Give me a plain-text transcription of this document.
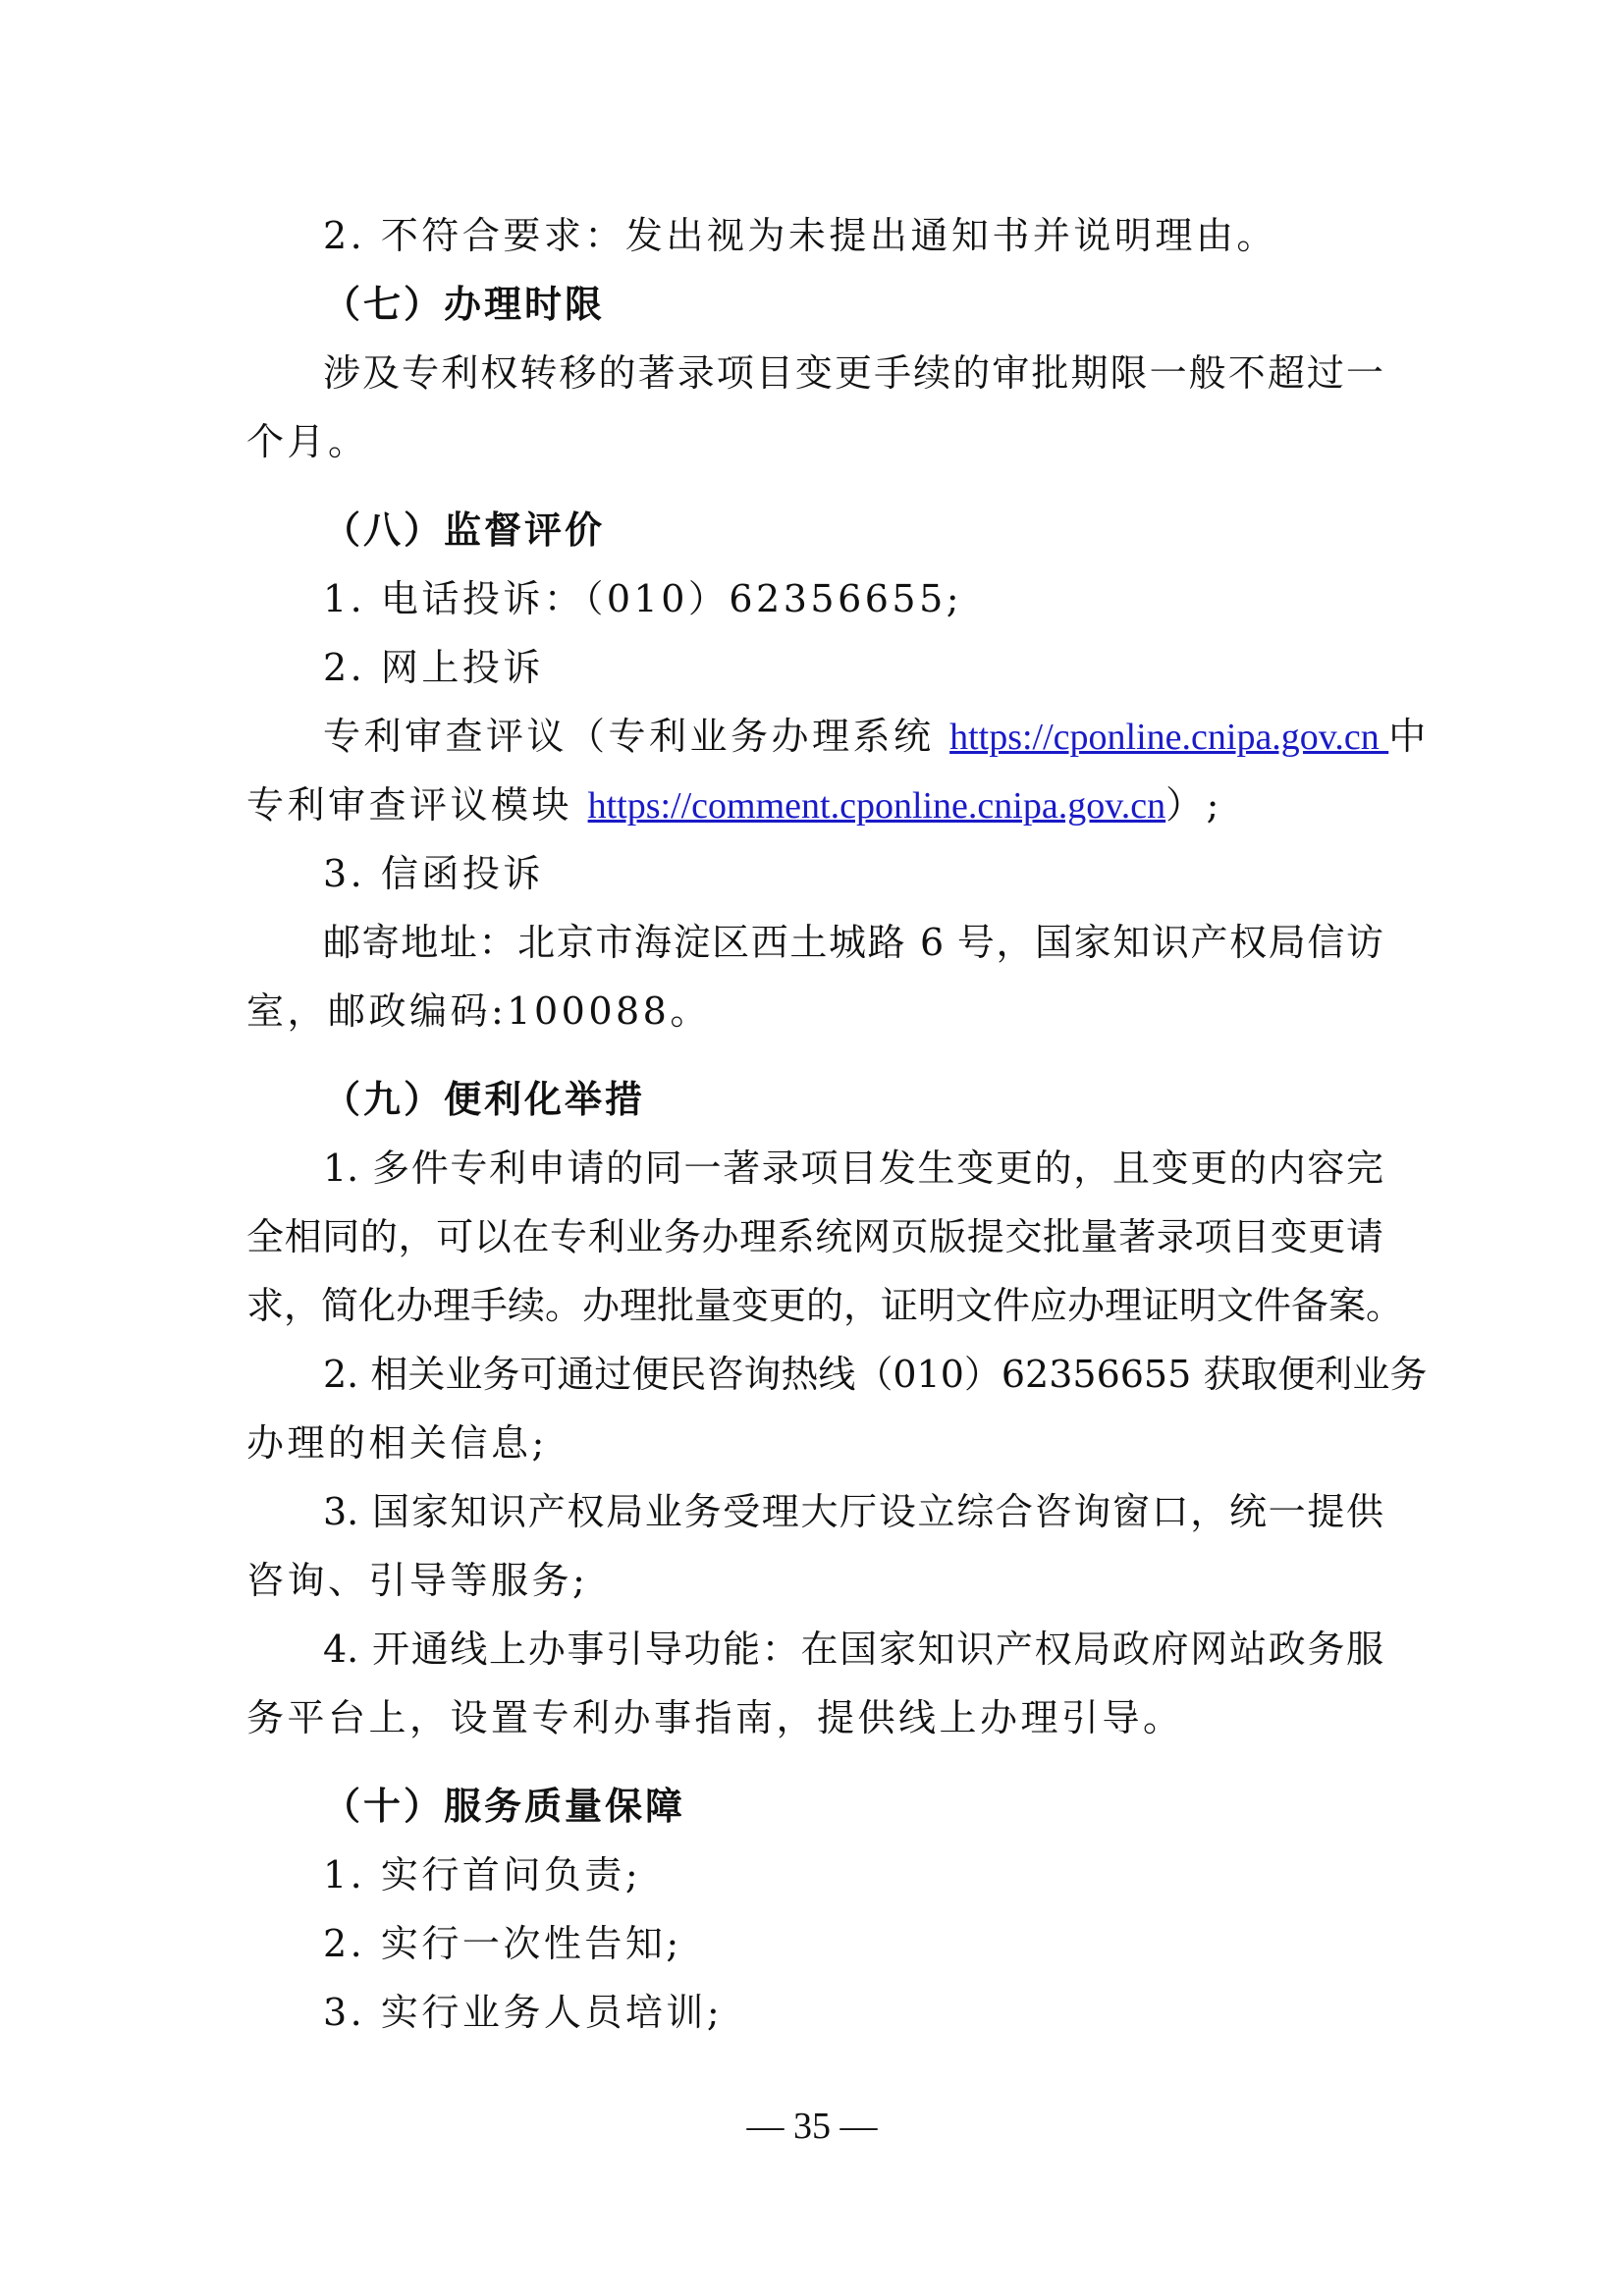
2. 不符合要求：发出视为未提出通知书并说明理由。
（七）办理时限
涉及专利权转移的著录项目变更手续的审批期限一般不超过一
个月。
（八）监督评价
1. 电话投诉：（010）62356655;
2. 网上投诉
专利审查评议（专利业务办理系统 https://cponline.cnipa.gov.cn 中
专利审查评议模块 https://comment.cponline.cnipa.gov.cn）;
3. 信函投诉
邮寄地址：北京市海淀区西土城路 6 号，国家知识产权局信访
室，邮政编码:100088。
（九）便利化举措
1. 多件专利申请的同一著录项目发生变更的，且变更的内容完
全相同的，可以在专利业务办理系统网页版提交批量著录项目变更请
求，简化办理手续。办理批量变更的，证明文件应办理证明文件备案。
2. 相关业务可通过便民咨询热线（010）62356655 获取便利业务
办理的相关信息;
3. 国家知识产权局业务受理大厅设立综合咨询窗口，统一提供
咨询、引导等服务;
4. 开通线上办事引导功能：在国家知识产权局政府网站政务服
务平台上，设置专利办事指南，提供线上办理引导。
（十）服务质量保障
1. 实行首问负责;
2. 实行一次性告知;
3. 实行业务人员培训;
— 35 —
